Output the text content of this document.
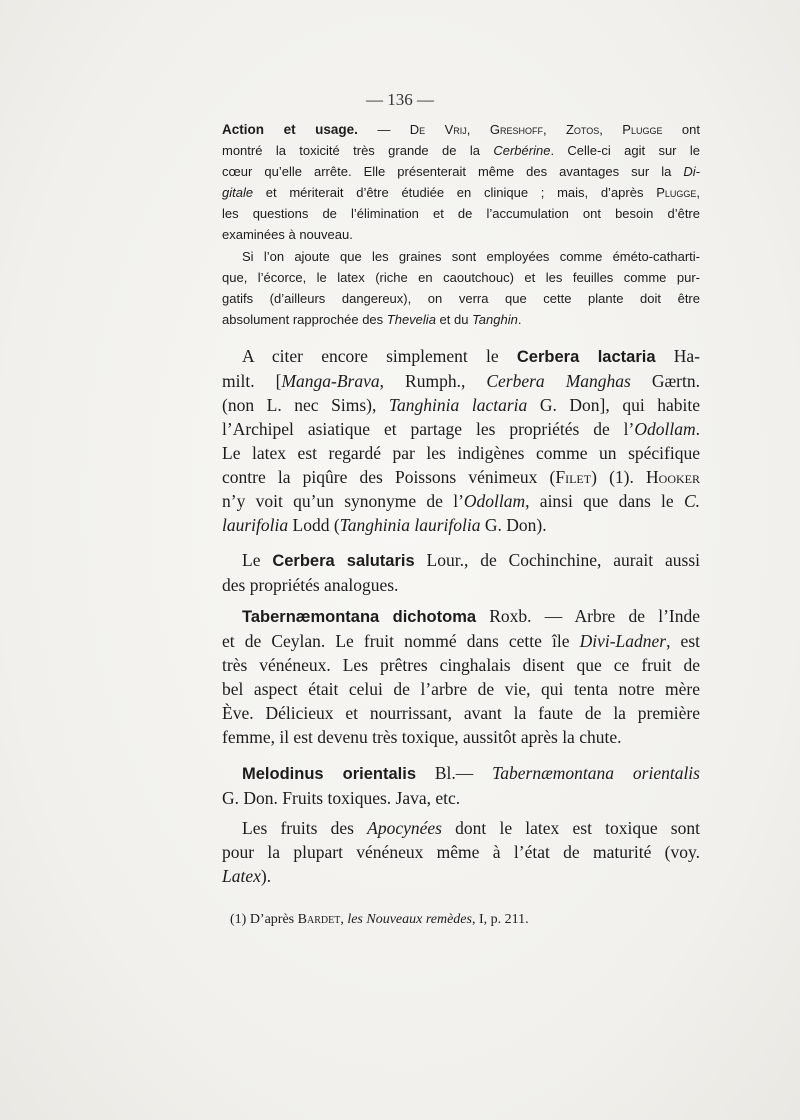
— 136 —
Action et usage. — De Vrij, Greshoff, Zotos, Plugge ont
montré la toxicité très grande de la Cerbérine. Celle-ci agit sur le
cœur qu’elle arrête. Elle présenterait même des avantages sur la Di-
gitale et mériterait d’être étudiée en clinique ; mais, d’après Plugge,
les questions de l’élimination et de l’accumulation ont besoin d’être
examinées à nouveau.
Si l’on ajoute que les graines sont employées comme éméto-catharti-
que, l’écorce, le latex (riche en caoutchouc) et les feuilles comme pur-
gatifs (d’ailleurs dangereux), on verra que cette plante doit être
absolument rapprochée des Thevelia et du Tanghin.
A citer encore simplement le Cerbera lactaria Ha-
milt. [Manga-Brava, Rumph., Cerbera Manghas Gærtn.
(non L. nec Sims), Tanghinia lactaria G. Don], qui habite
l’Archipel asiatique et partage les propriétés de l’Odollam.
Le latex est regardé par les indigènes comme un spécifique
contre la piqûre des Poissons vénimeux (Filet) (1). Hooker
n’y voit qu’un synonyme de l’Odollam, ainsi que dans le C.
laurifolia Lodd (Tanghinia laurifolia G. Don).
Le Cerbera salutaris Lour., de Cochinchine, aurait aussi
des propriétés analogues.
Tabernæmontana dichotoma Roxb. — Arbre de l’Inde
et de Ceylan. Le fruit nommé dans cette île Divi-Ladner, est
très vénéneux. Les prêtres cinghalais disent que ce fruit de
bel aspect était celui de l’arbre de vie, qui tenta notre mère
Ève. Délicieux et nourrissant, avant la faute de la première
femme, il est devenu très toxique, aussitôt après la chute.
Melodinus orientalis Bl.— Tabernæmontana orientalis
G. Don. Fruits toxiques. Java, etc.
Les fruits des Apocynées dont le latex est toxique sont
pour la plupart vénéneux même à l’état de maturité (voy.
Latex).
(1) D’après Bardet, les Nouveaux remèdes, I, p. 211.
